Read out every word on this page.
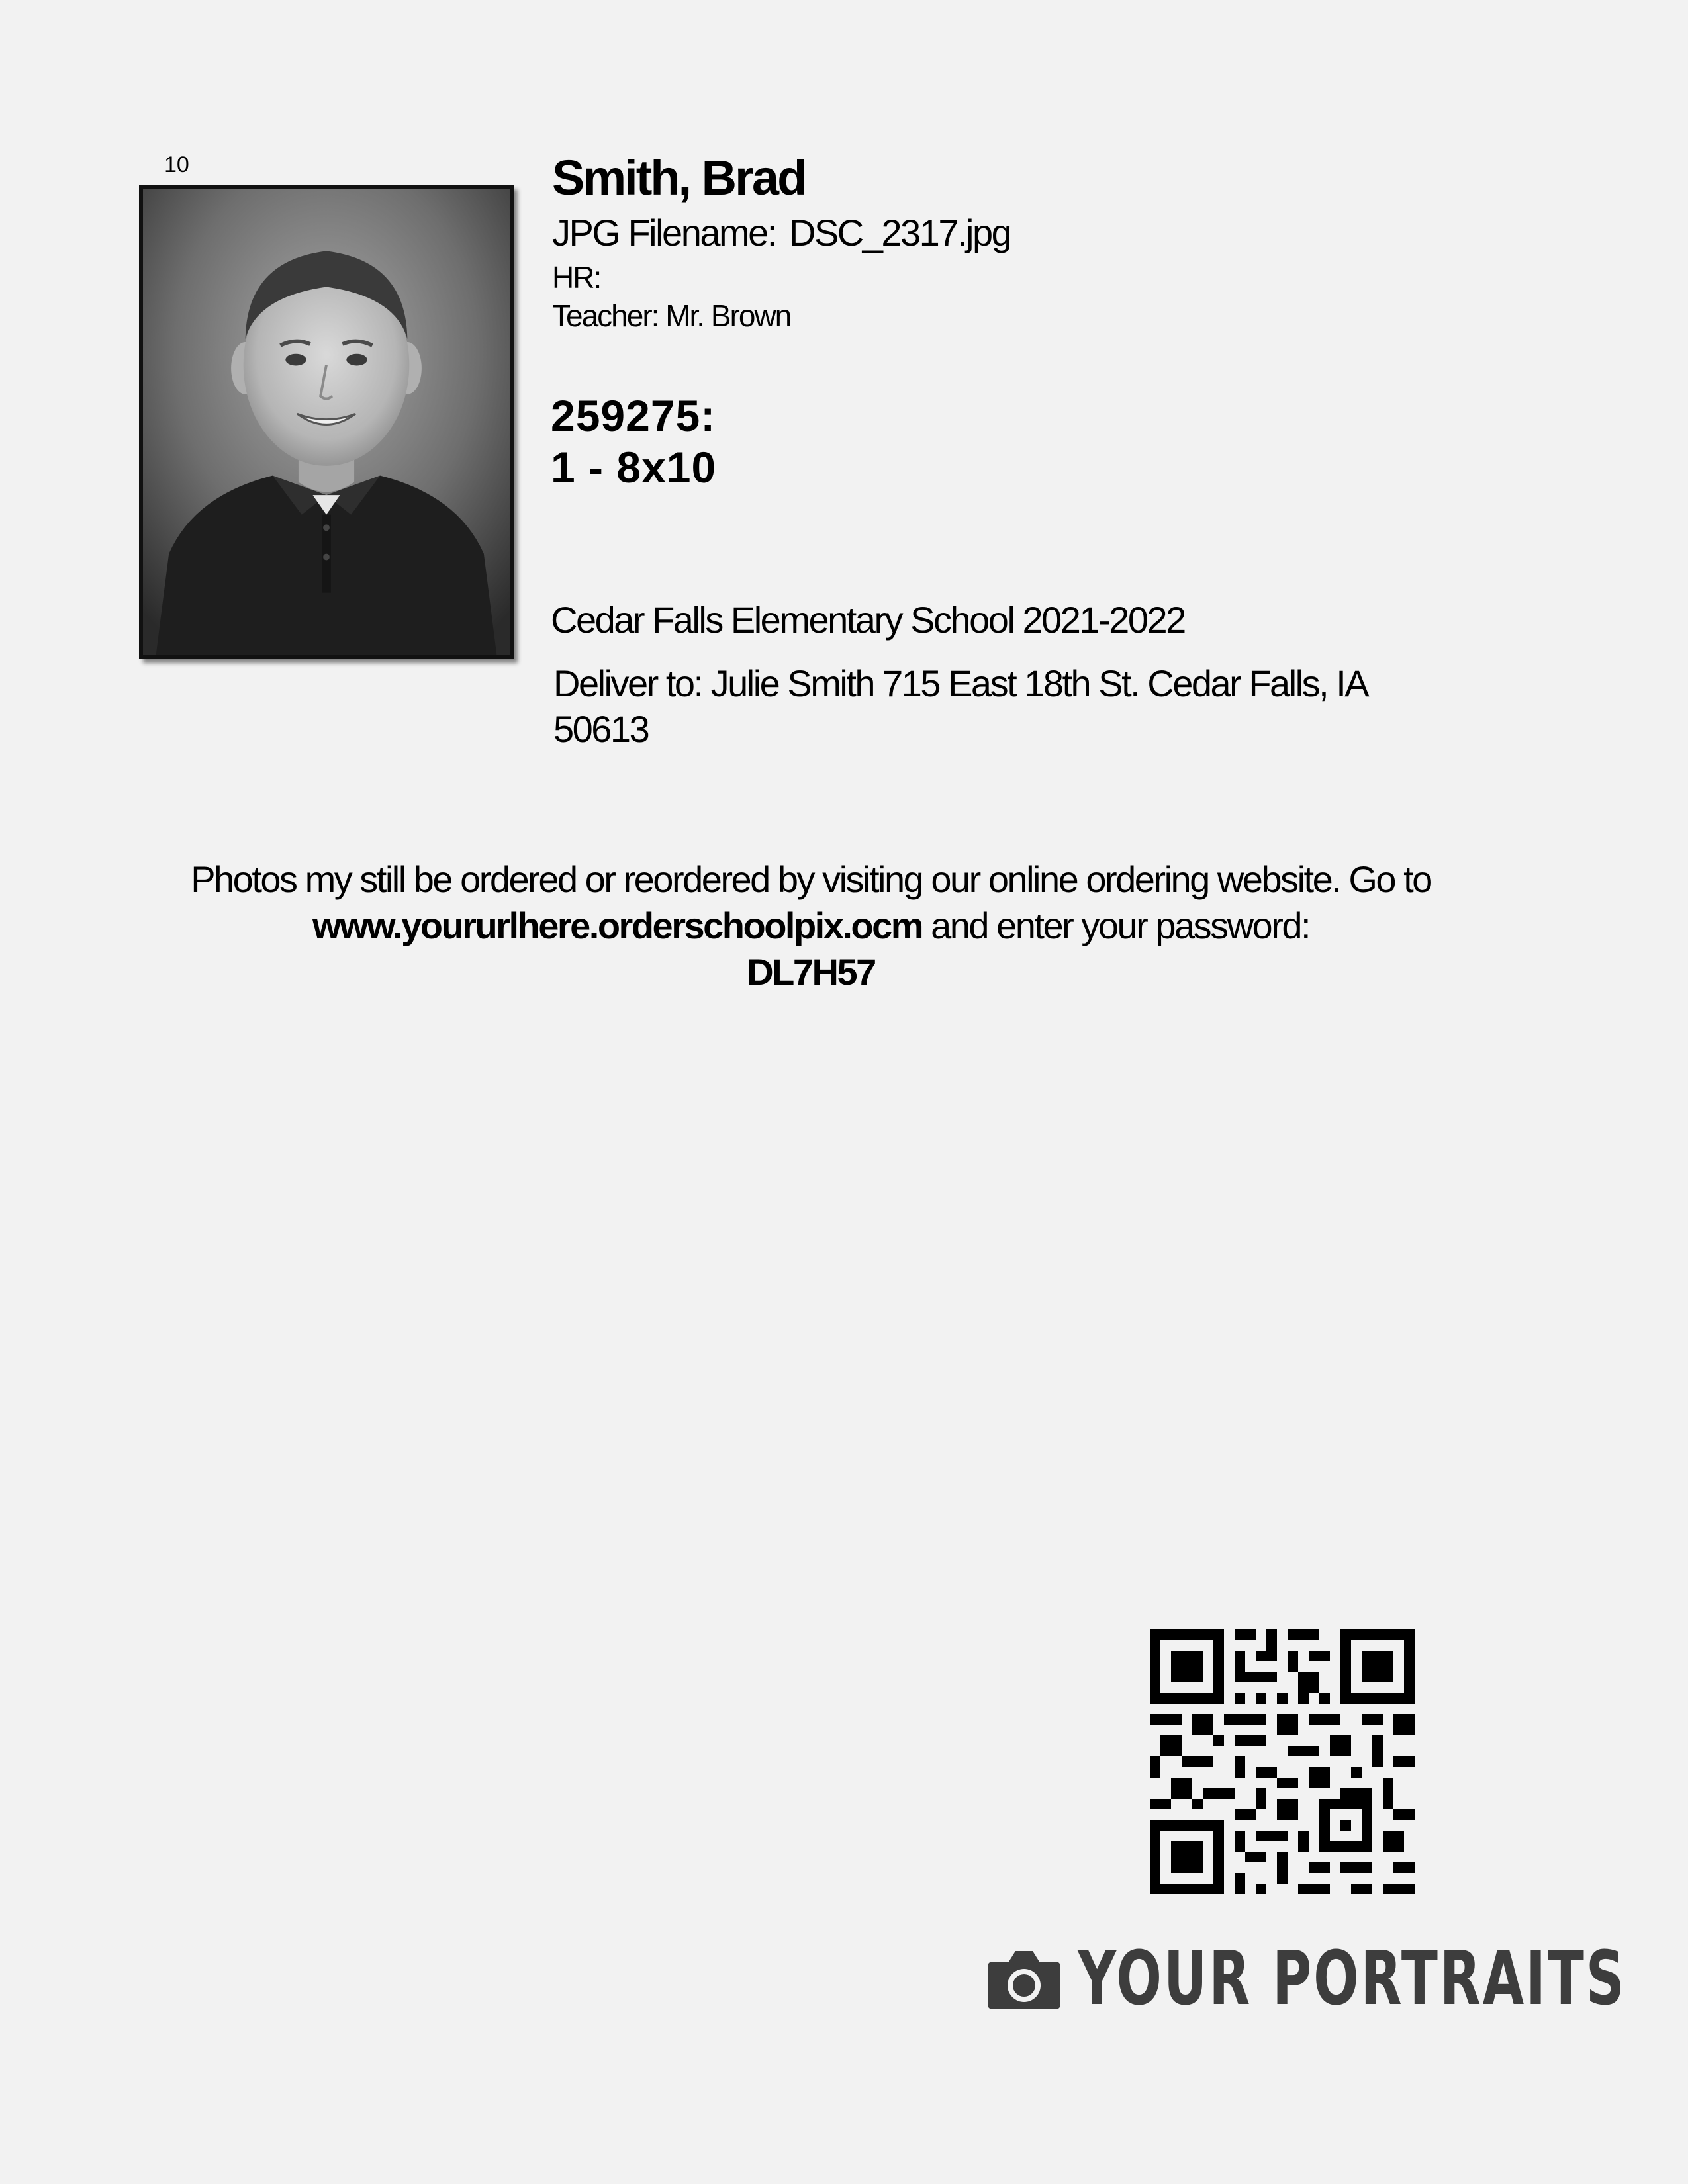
10	Smith, Brad
JPG Filename: DSC_2317.jpg
HR:
Teacher: Mr. Brown
259275:
1 - 8x10
Cedar Falls Elementary School 2021-2022
Deliver to: Julie Smith 715 East 18th St. Cedar Falls, IA
50613
Photos my still be ordered or reordered by visiting our online ordering website. Go to
www.yoururlhere.orderschoolpix.ocm and enter your password:
DL7H57
YOUR PORTRAITS
